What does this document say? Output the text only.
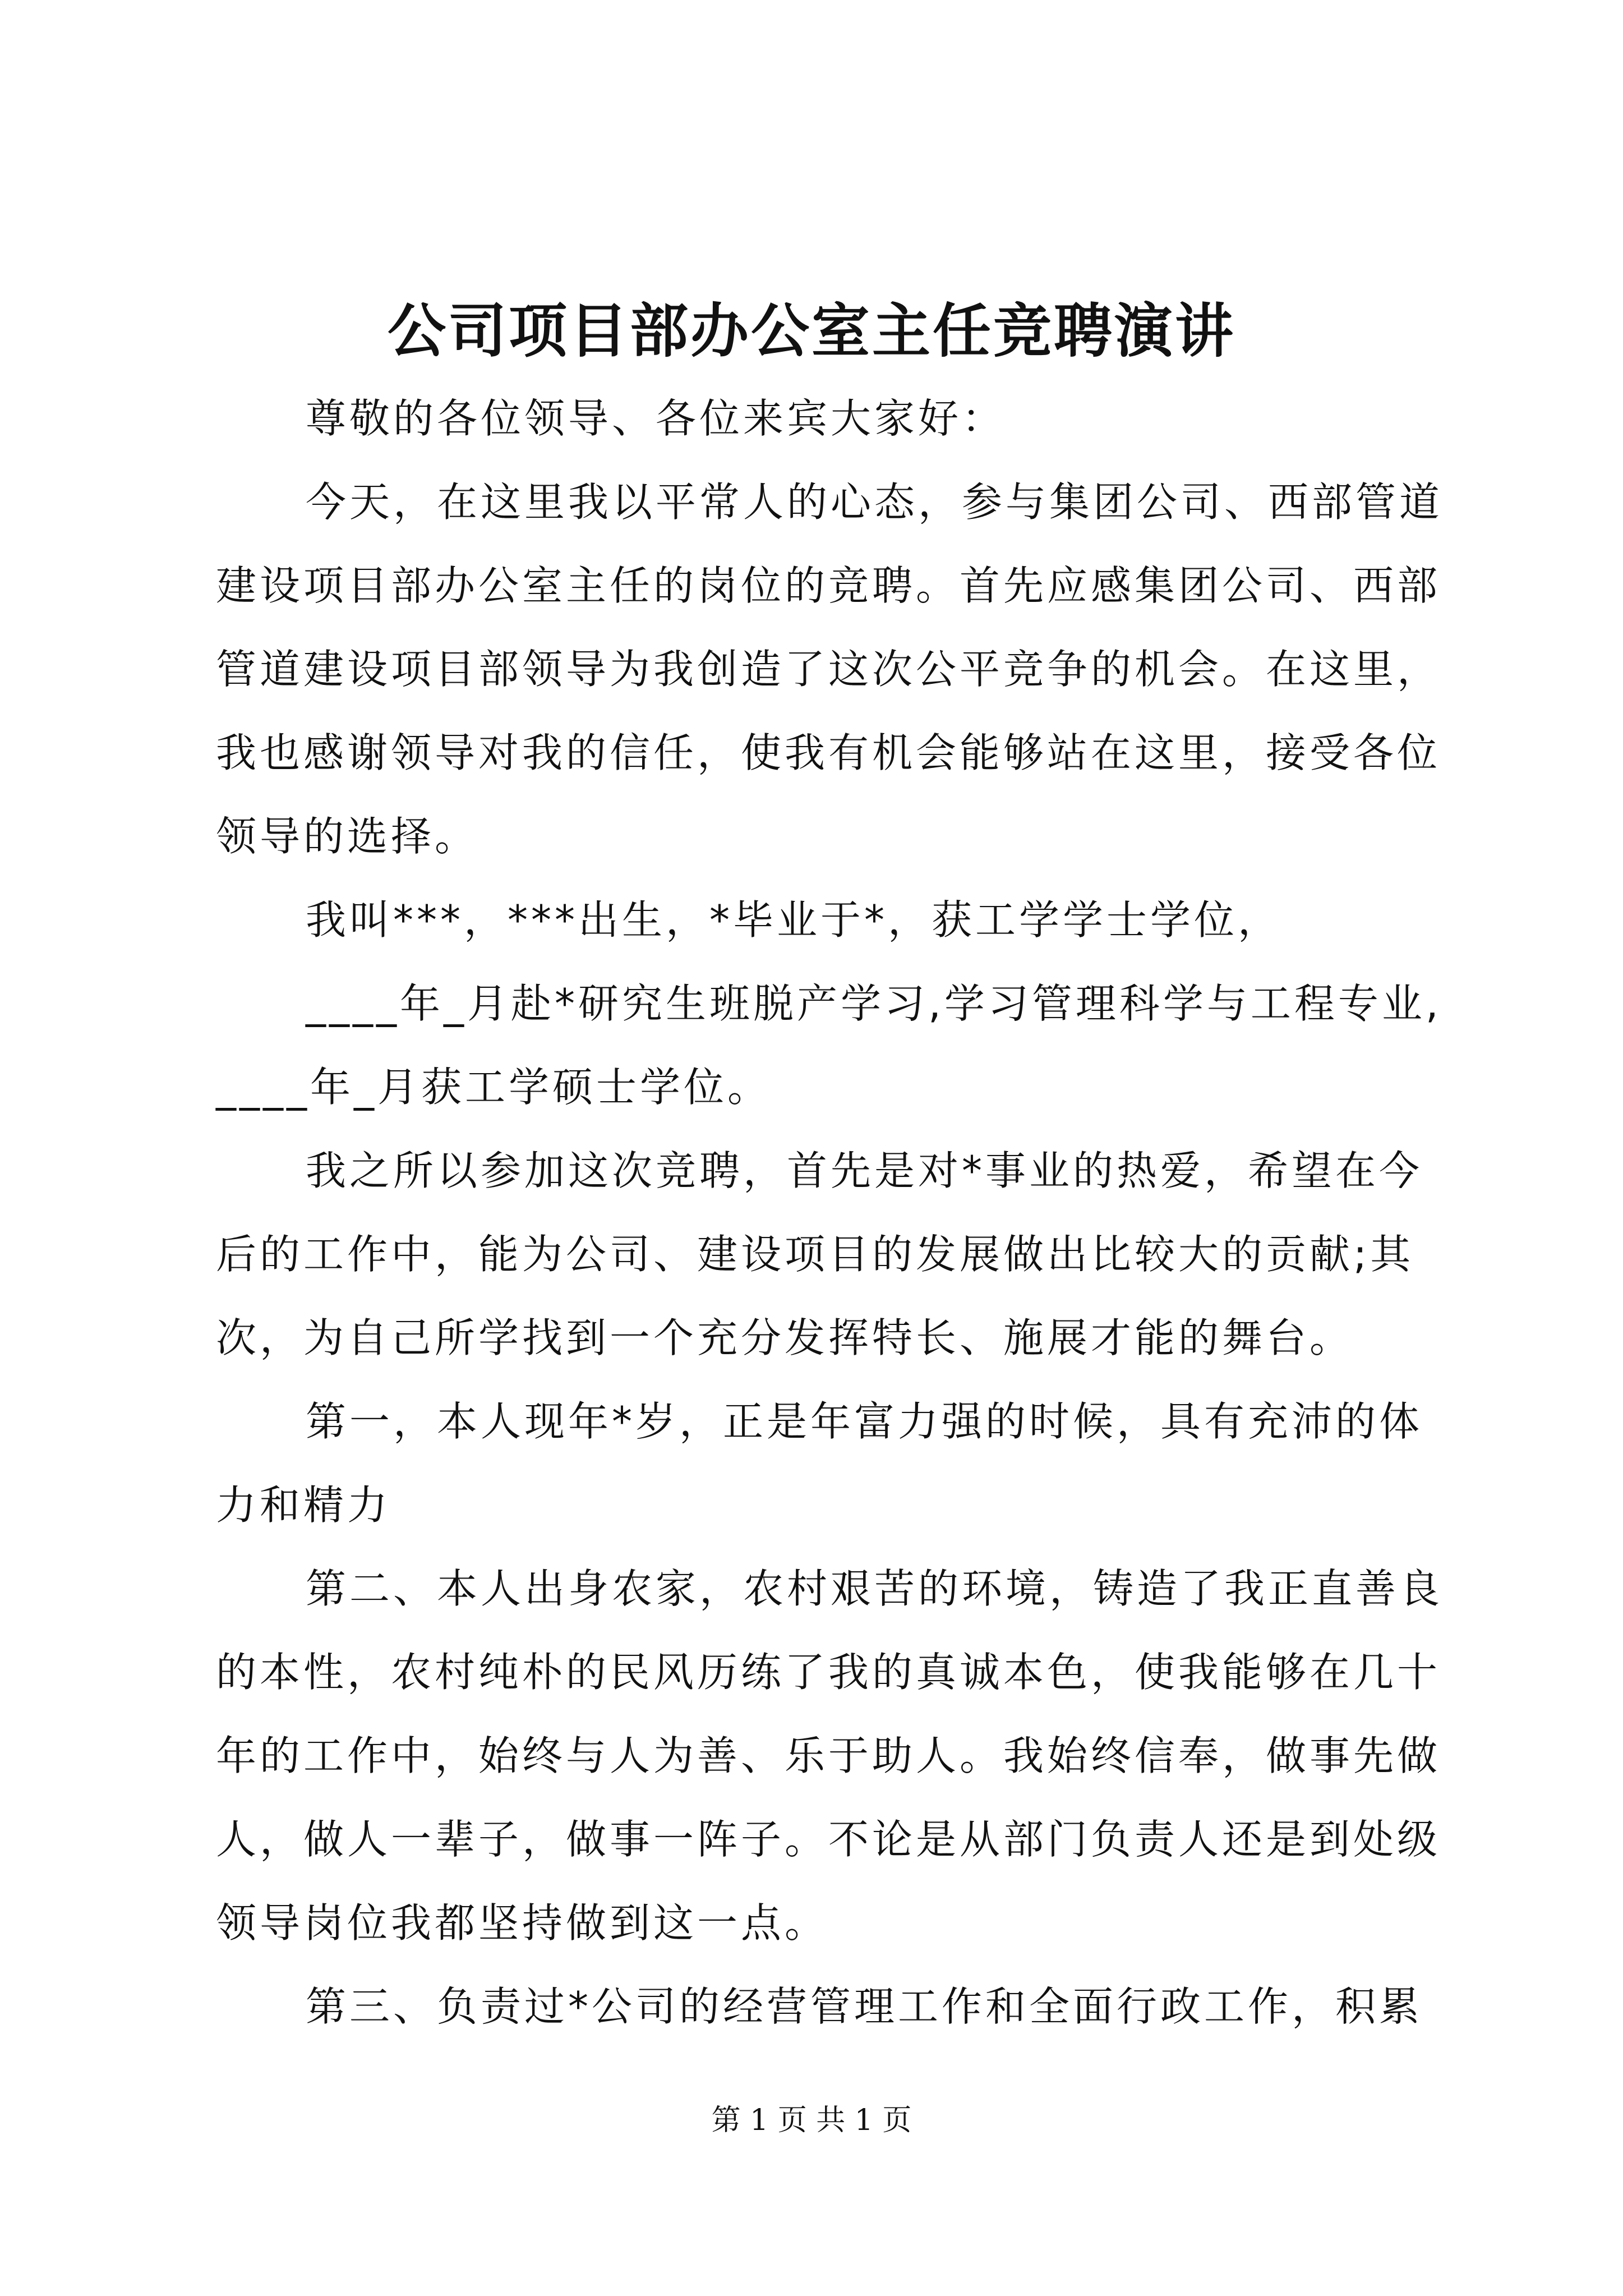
公司项目部办公室主任竞聘演讲
尊敬的各位领导、各位来宾大家好：
今天，在这里我以平常人的心态，参与集团公司、西部管道
建设项目部办公室主任的岗位的竞聘。首先应感集团公司、西部
管道建设项目部领导为我创造了这次公平竞争的机会。在这里，
我也感谢领导对我的信任，使我有机会能够站在这里，接受各位
领导的选择。
我叫***，***出生，*毕业于*，获工学学士学位，
____年_月赴*研究生班脱产学习,学习管理科学与工程专业,
____年_月获工学硕士学位。
我之所以参加这次竞聘，首先是对*事业的热爱，希望在今
后的工作中，能为公司、建设项目的发展做出比较大的贡献;其
次，为自己所学找到一个充分发挥特长、施展才能的舞台。
第一，本人现年*岁，正是年富力强的时候，具有充沛的体
力和精力
第二、本人出身农家，农村艰苦的环境，铸造了我正直善良
的本性，农村纯朴的民风历练了我的真诚本色，使我能够在几十
年的工作中，始终与人为善、乐于助人。我始终信奉，做事先做
人，做人一辈子，做事一阵子。不论是从部门负责人还是到处级
领导岗位我都坚持做到这一点。
第三、负责过*公司的经营管理工作和全面行政工作，积累
第 1 页 共 1 页
